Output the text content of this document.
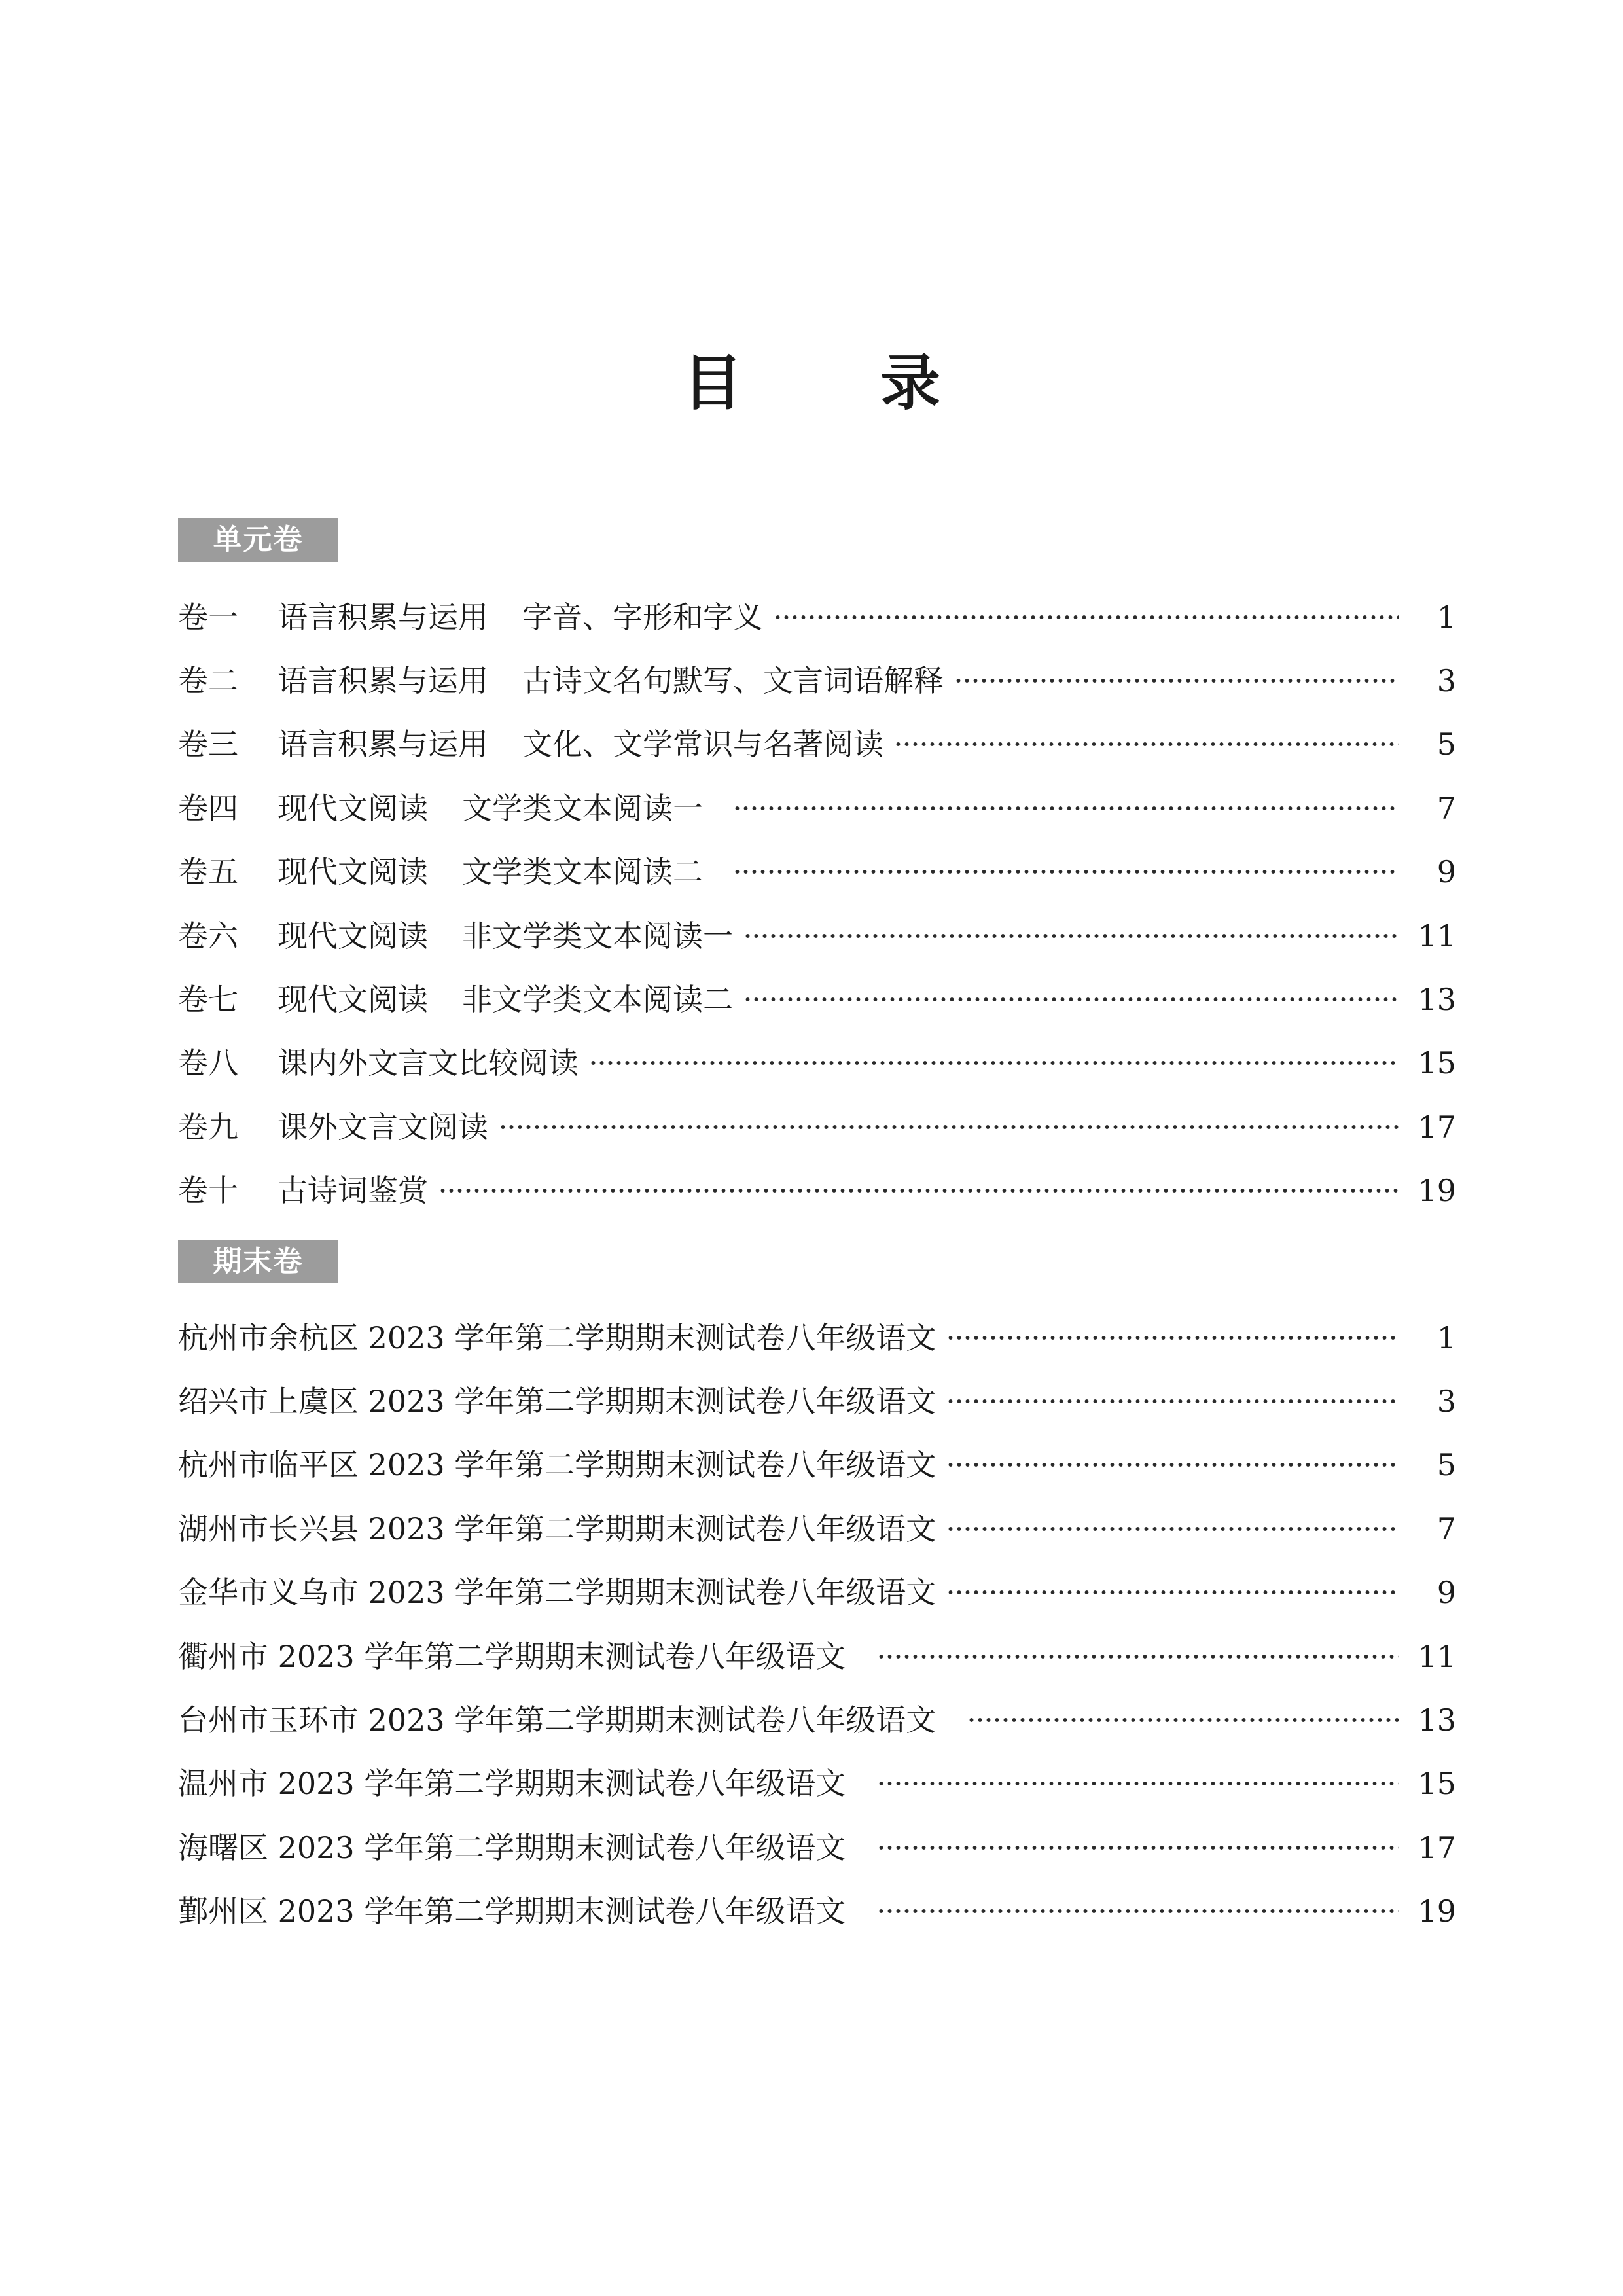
目 录
单元卷
卷一 语言积累与运用 字音、字形和字义	1
卷二 语言积累与运用 古诗文名句默写、文言词语解释	3
卷三 语言积累与运用 文化、文学常识与名著阅读	5
卷四 现代文阅读 文学类文本阅读一	7
卷五 现代文阅读 文学类文本阅读二	9
卷六 现代文阅读 非文学类文本阅读一	11
卷七 现代文阅读 非文学类文本阅读二	13
卷八 课内外文言文比较阅读	15
卷九 课外文言文阅读	17
卷十 古诗词鉴赏	19
期末卷
杭州市余杭区 2023 学年第二学期期末测试卷八年级语文	1
绍兴市上虞区 2023 学年第二学期期末测试卷八年级语文	3
杭州市临平区 2023 学年第二学期期末测试卷八年级语文	5
湖州市长兴县 2023 学年第二学期期末测试卷八年级语文	7
金华市义乌市 2023 学年第二学期期末测试卷八年级语文	9
衢州市 2023 学年第二学期期末测试卷八年级语文	11
台州市玉环市 2023 学年第二学期期末测试卷八年级语文	13
温州市 2023 学年第二学期期末测试卷八年级语文	15
海曙区 2023 学年第二学期期末测试卷八年级语文	17
鄞州区 2023 学年第二学期期末测试卷八年级语文	19
